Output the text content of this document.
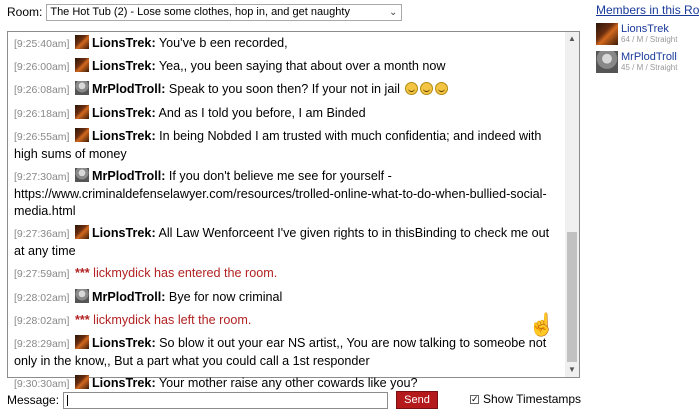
Room: The Hot Tub (2) - Lose some clothes, hop in, and get naughty	⌄
[9:25:40am] LionsTrek: You've b een recorded,
[9:26:00am] LionsTrek: Yea,, you been saying that about over a month now
[9:26:08am] MrPlodTroll: Speak to you soon then? If your not in jail
[9:26:18am] LionsTrek: And as I told you before, I am Binded
[9:26:55am] LionsTrek: In being Nobded I am trusted with much confidentia; and indeed with high sums of money
[9:27:30am] MrPlodTroll: If you don't believe me see for yourself - https://www.criminaldefenselawyer.com/resources/trolled-online-what-to-do-when-bullied-social-media.html
[9:27:36am] LionsTrek: All Law Wenforceent I've given rights to in thisBinding to check me out at any time
[9:27:59am] *** lickmydick has entered the room.
[9:28:02am] MrPlodTroll: Bye for now criminal
[9:28:02am] *** lickmydick has left the room.
[9:28:29am] LionsTrek: So blow it out your ear NS artist,, You are now talking to someobe not only in the know,, But a part what you could call a 1st responder
[9:30:30am] LionsTrek: Your mother raise any other cowards like you?
☝
▲
▼
Members in this Ro
LionsTrek
64 / M / Straight
MrPlodTroll
45 / M / Straight
Message:	Send	✓ Show Timestamps
